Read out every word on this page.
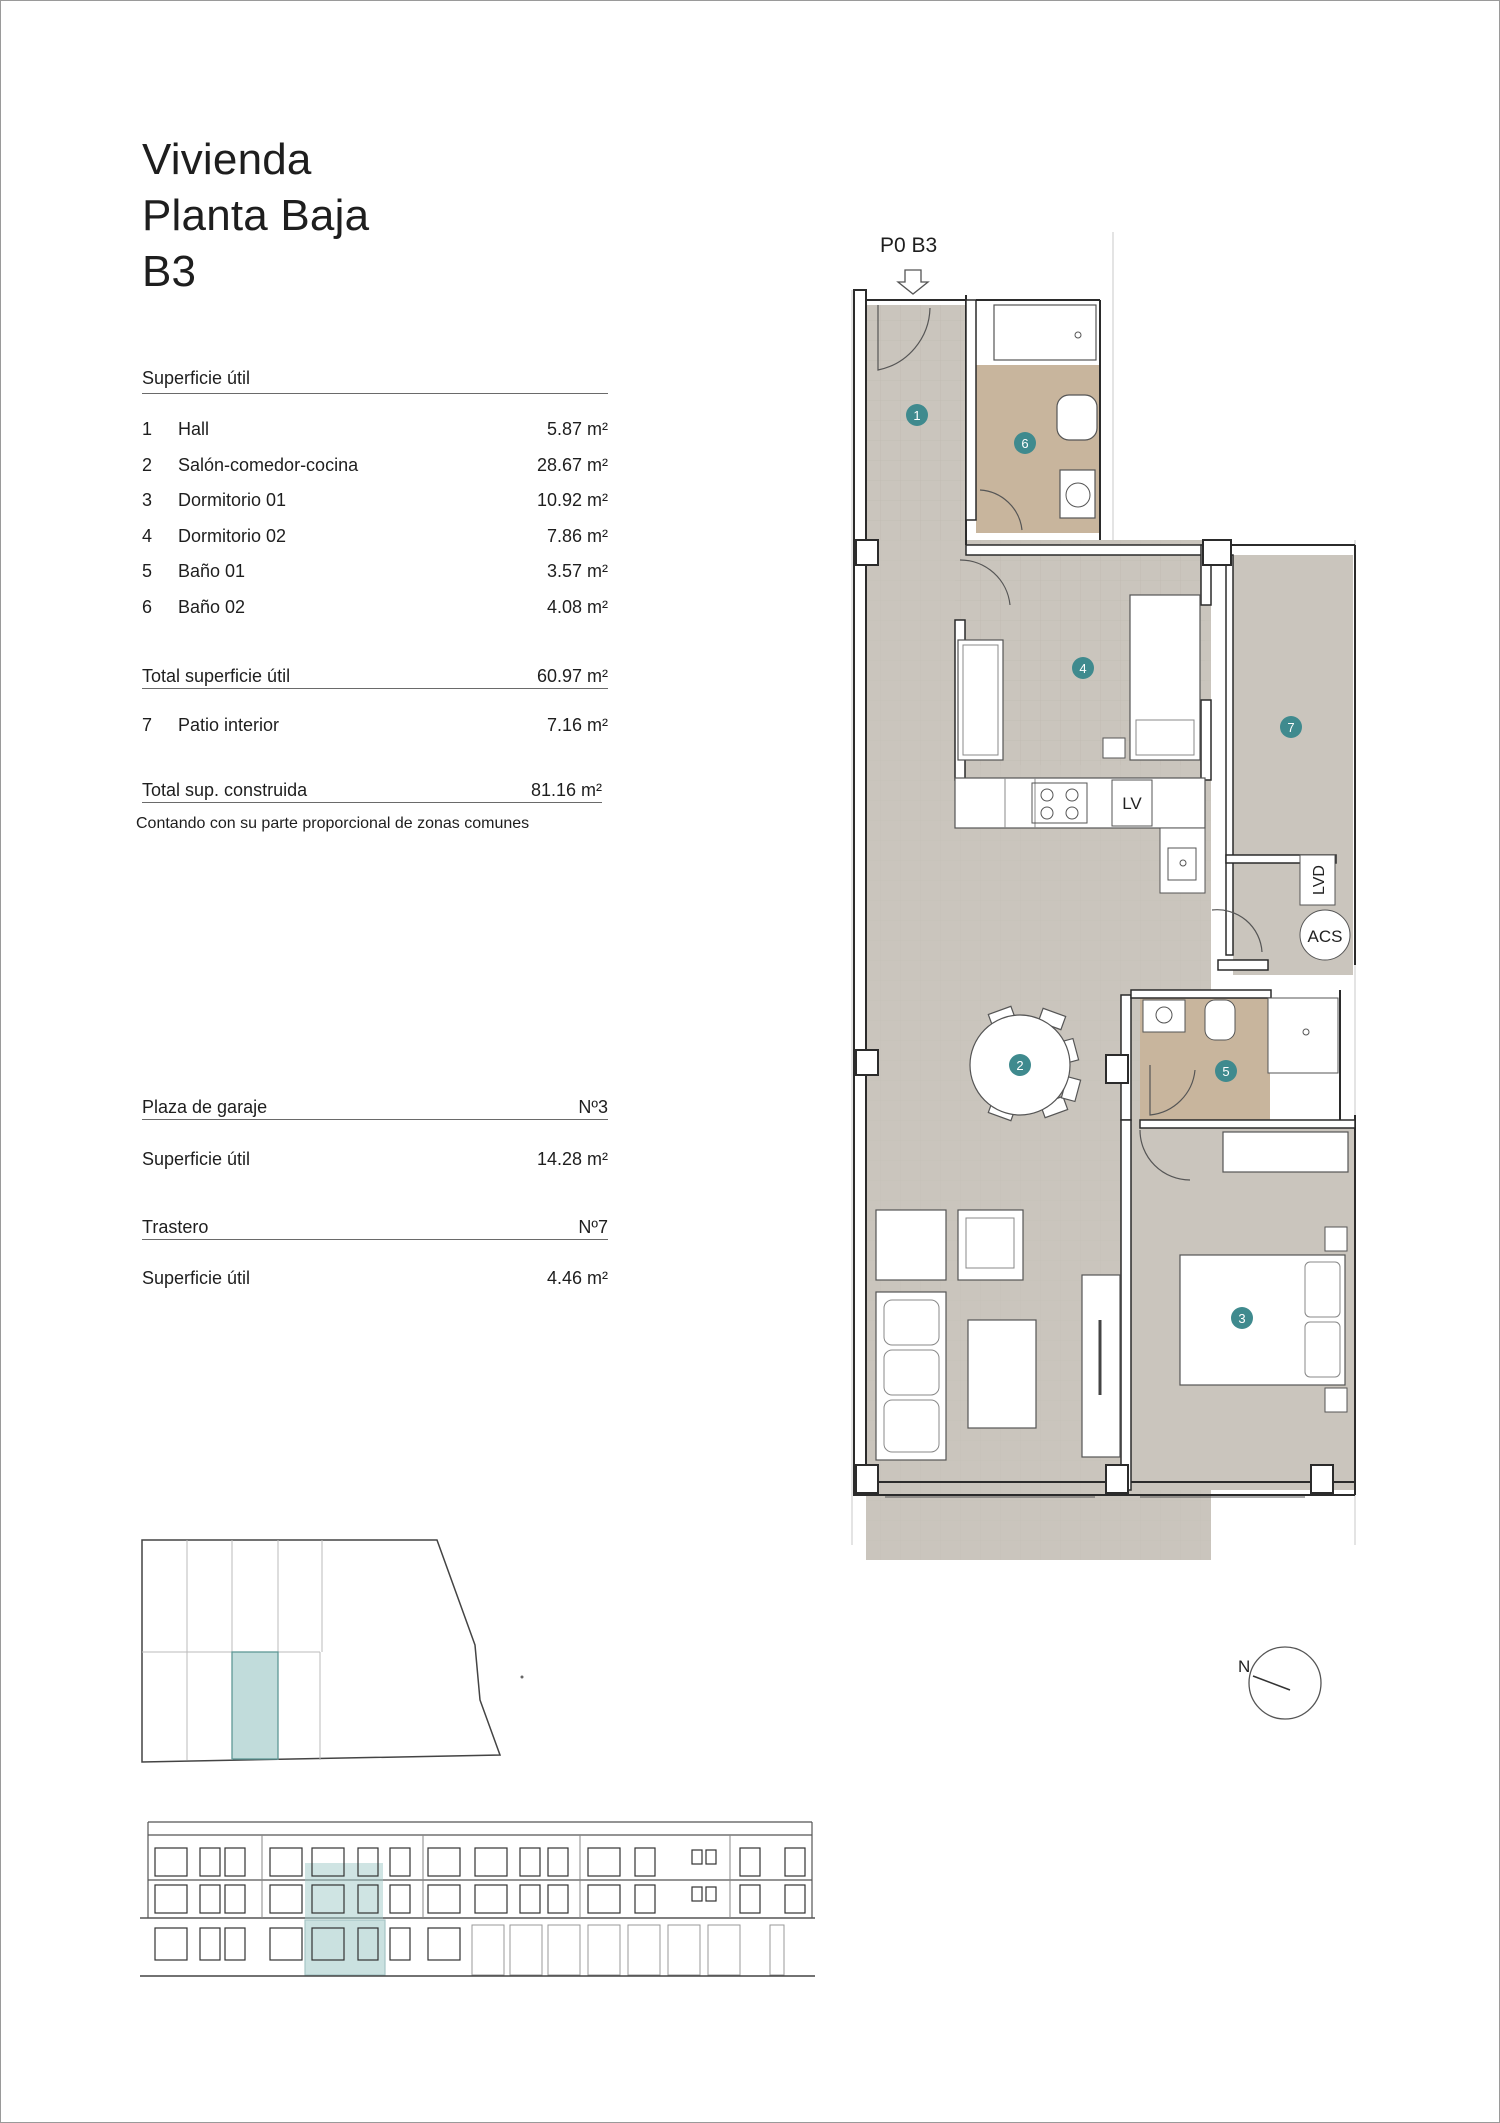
Vivienda
Planta Baja
B3
Superficie útil
1 Hall	5.87 m²
2 Salón-comedor-cocina	28.67 m²
3 Dormitorio 01	10.92 m²
4 Dormitorio 02	7.86 m²
5 Baño 01	3.57 m²
6 Baño 02	4.08 m²
Total superficie útil	60.97 m²
7 Patio interior	7.16 m²
Total sup. construida	81.16 m²
Contando con su parte proporcional de zonas comunes
Plaza de garaje	Nº3
Superficie útil	14.28 m²
Trastero	Nº7
Superficie útil	4.46 m²
P0 B3
LV
LVD
ACS
1
6
4
7
2	5
3
N
